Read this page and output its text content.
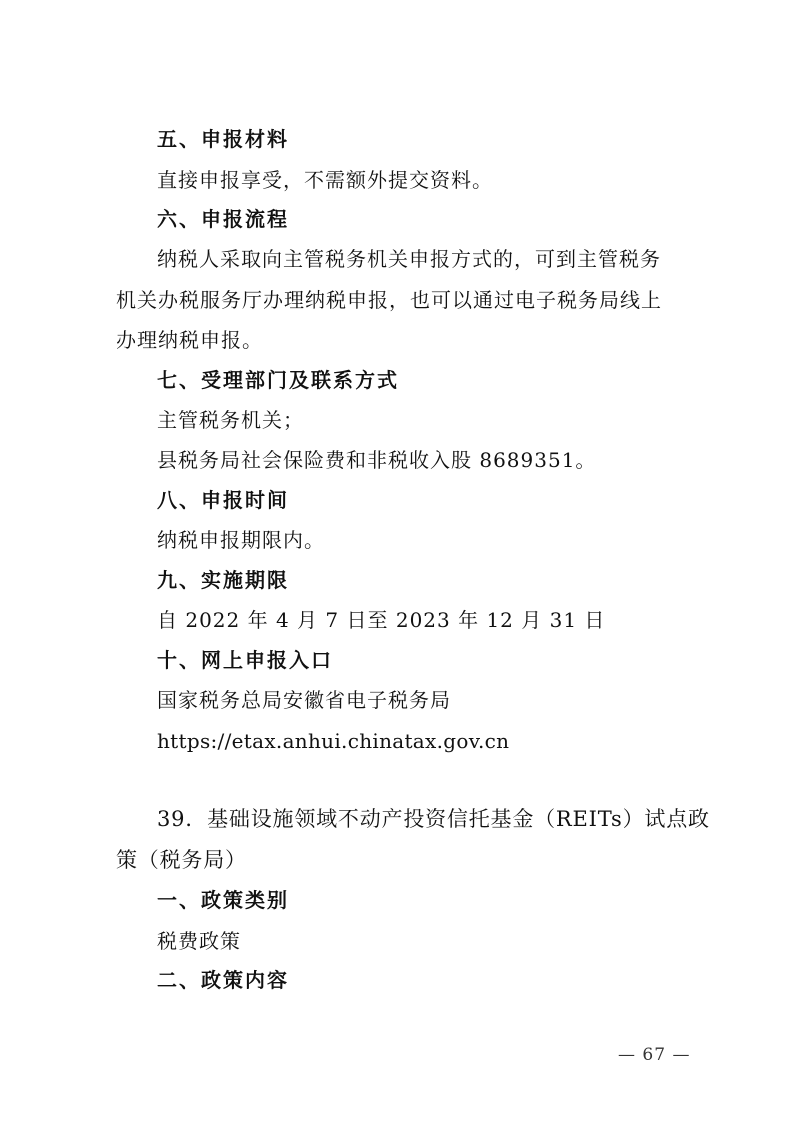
五、申报材料
直接申报享受，不需额外提交资料。
六、申报流程
纳税人采取向主管税务机关申报方式的，可到主管税务
机关办税服务厅办理纳税申报，也可以通过电子税务局线上
办理纳税申报。
七、受理部门及联系方式
主管税务机关；
县税务局社会保险费和非税收入股 8689351。
八、申报时间
纳税申报期限内。
九、实施期限
自 2022 年 4 月 7 日至 2023 年 12 月 31 日
十、网上申报入口
国家税务总局安徽省电子税务局
https://etax.anhui.chinatax.gov.cn
39．基础设施领域不动产投资信托基金（REITs）试点政
策（税务局）
一、政策类别
税费政策
二、政策内容
— 67 —
